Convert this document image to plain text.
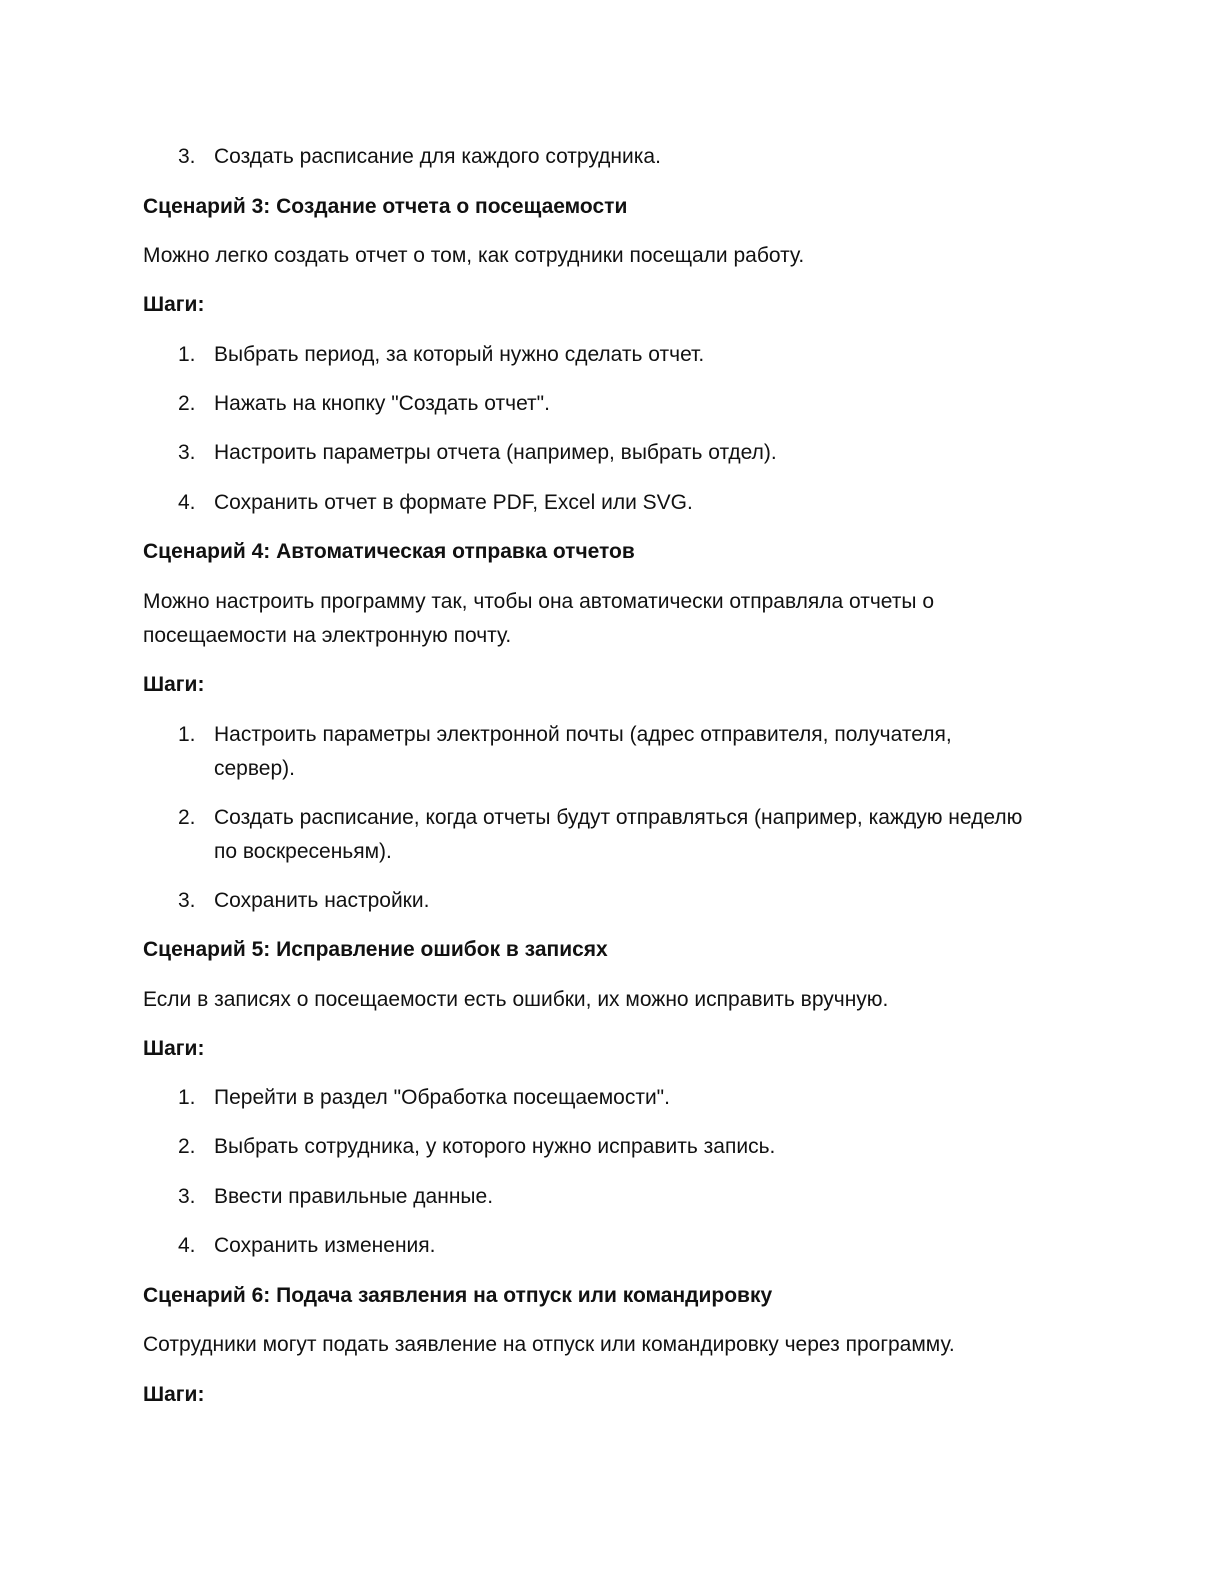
3. Создать расписание для каждого сотрудника.

Сценарий 3: Создание отчета о посещаемости

Можно легко создать отчет о том, как сотрудники посещали работу.

Шаги:

1. Выбрать период, за который нужно сделать отчет.
2. Нажать на кнопку "Создать отчет".
3. Настроить параметры отчета (например, выбрать отдел).
4. Сохранить отчет в формате PDF, Excel или SVG.

Сценарий 4: Автоматическая отправка отчетов

Можно настроить программу так, чтобы она автоматически отправляла отчеты о посещаемости на электронную почту.

Шаги:

1. Настроить параметры электронной почты (адрес отправителя, получателя, сервер).
2. Создать расписание, когда отчеты будут отправляться (например, каждую неделю по воскресеньям).
3. Сохранить настройки.

Сценарий 5: Исправление ошибок в записях

Если в записях о посещаемости есть ошибки, их можно исправить вручную.

Шаги:

1. Перейти в раздел "Обработка посещаемости".
2. Выбрать сотрудника, у которого нужно исправить запись.
3. Ввести правильные данные.
4. Сохранить изменения.

Сценарий 6: Подача заявления на отпуск или командировку

Сотрудники могут подать заявление на отпуск или командировку через программу.

Шаги:
